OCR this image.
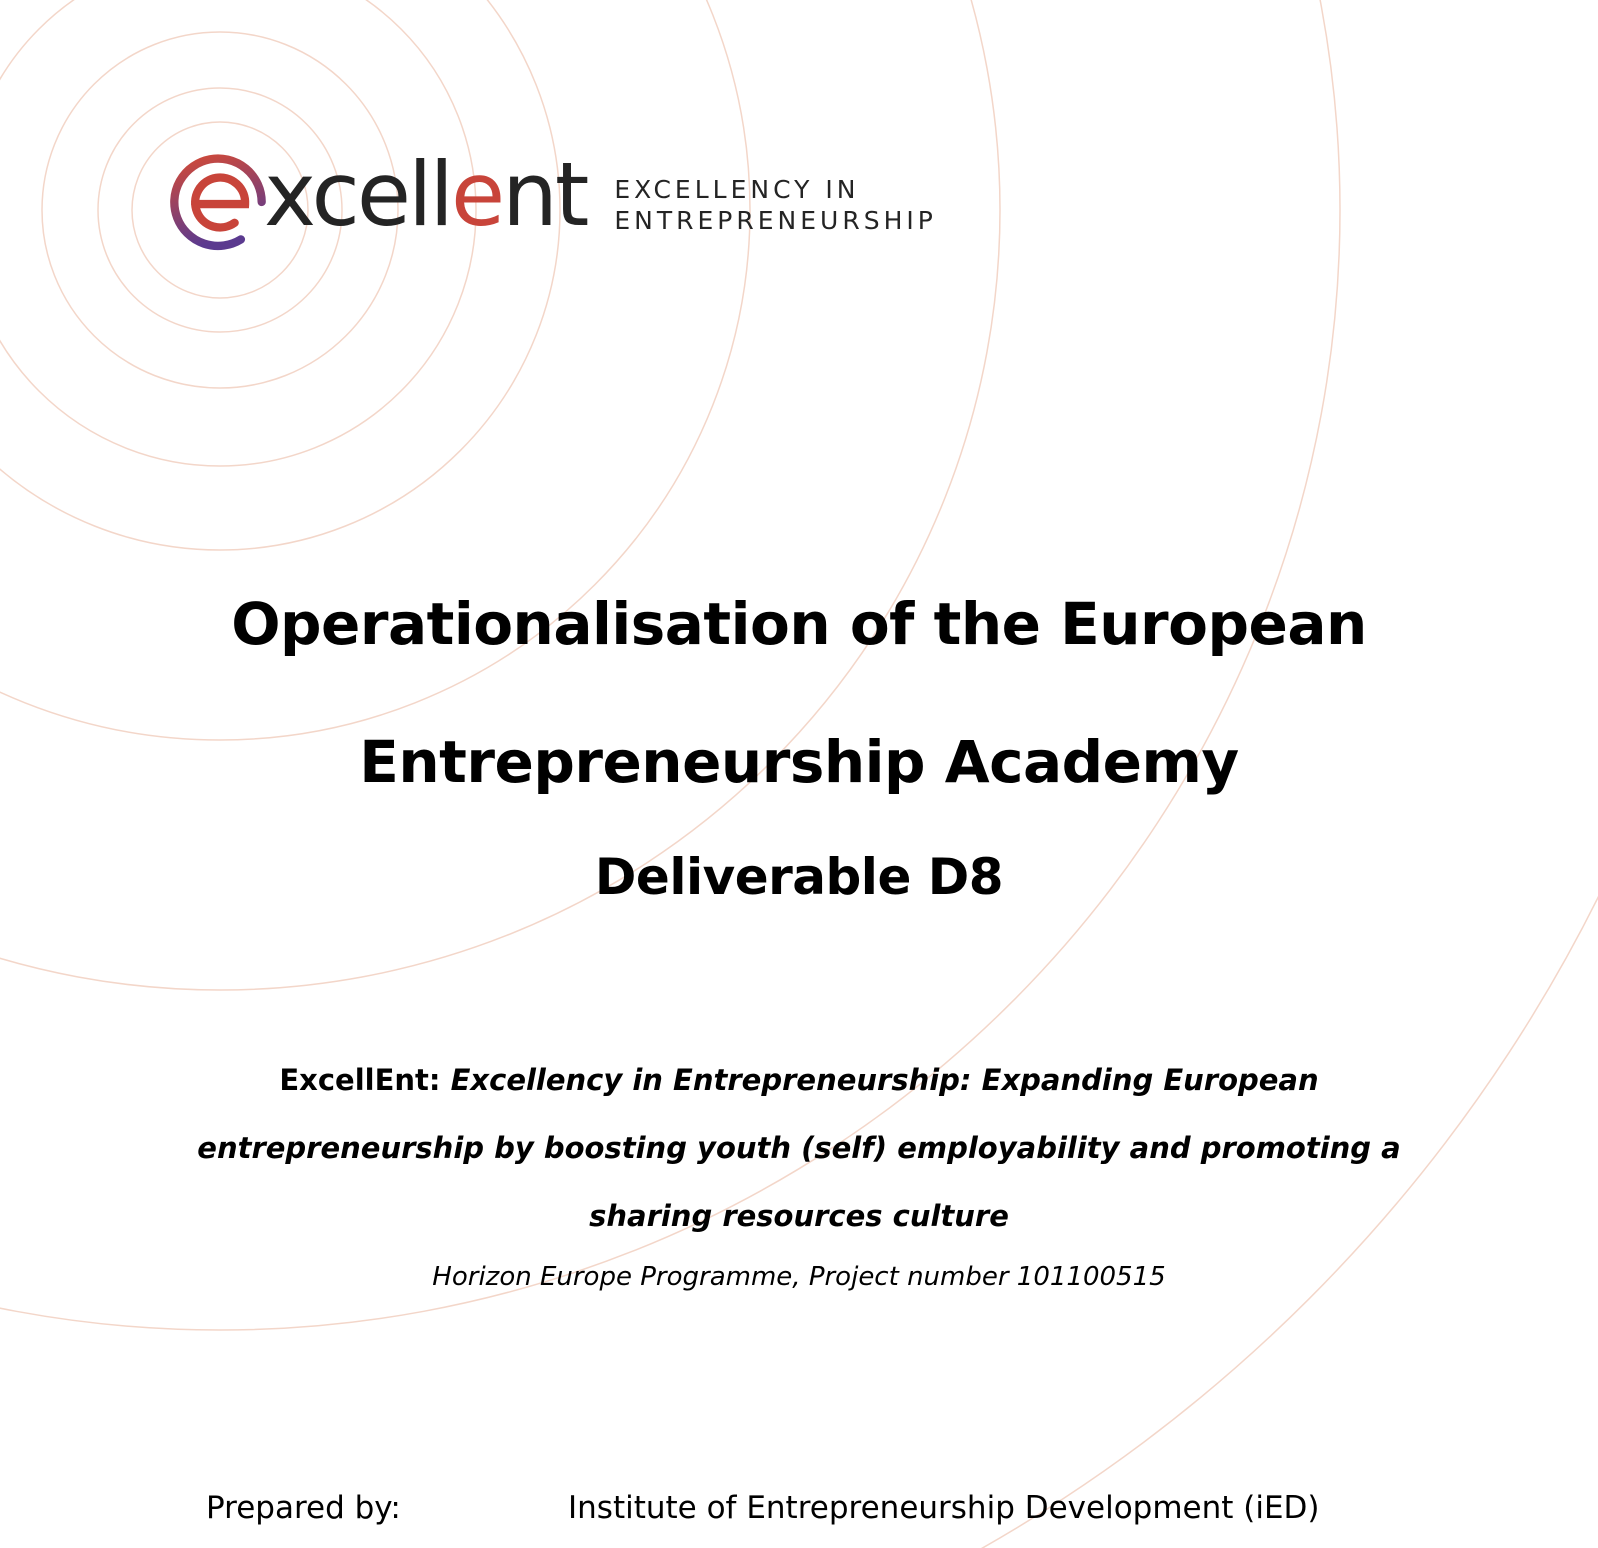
xcellent EXCELLENCY IN
ENTREPRENEURSHIP
Operationalisation of the European
Entrepreneurship Academy
Deliverable D8
ExcellEnt: Excellency in Entrepreneurship: Expanding European
entrepreneurship by boosting youth (self) employability and promoting a
sharing resources culture
Horizon Europe Programme, Project number 101100515
Prepared by:	Institute of Entrepreneurship Development (iED)
